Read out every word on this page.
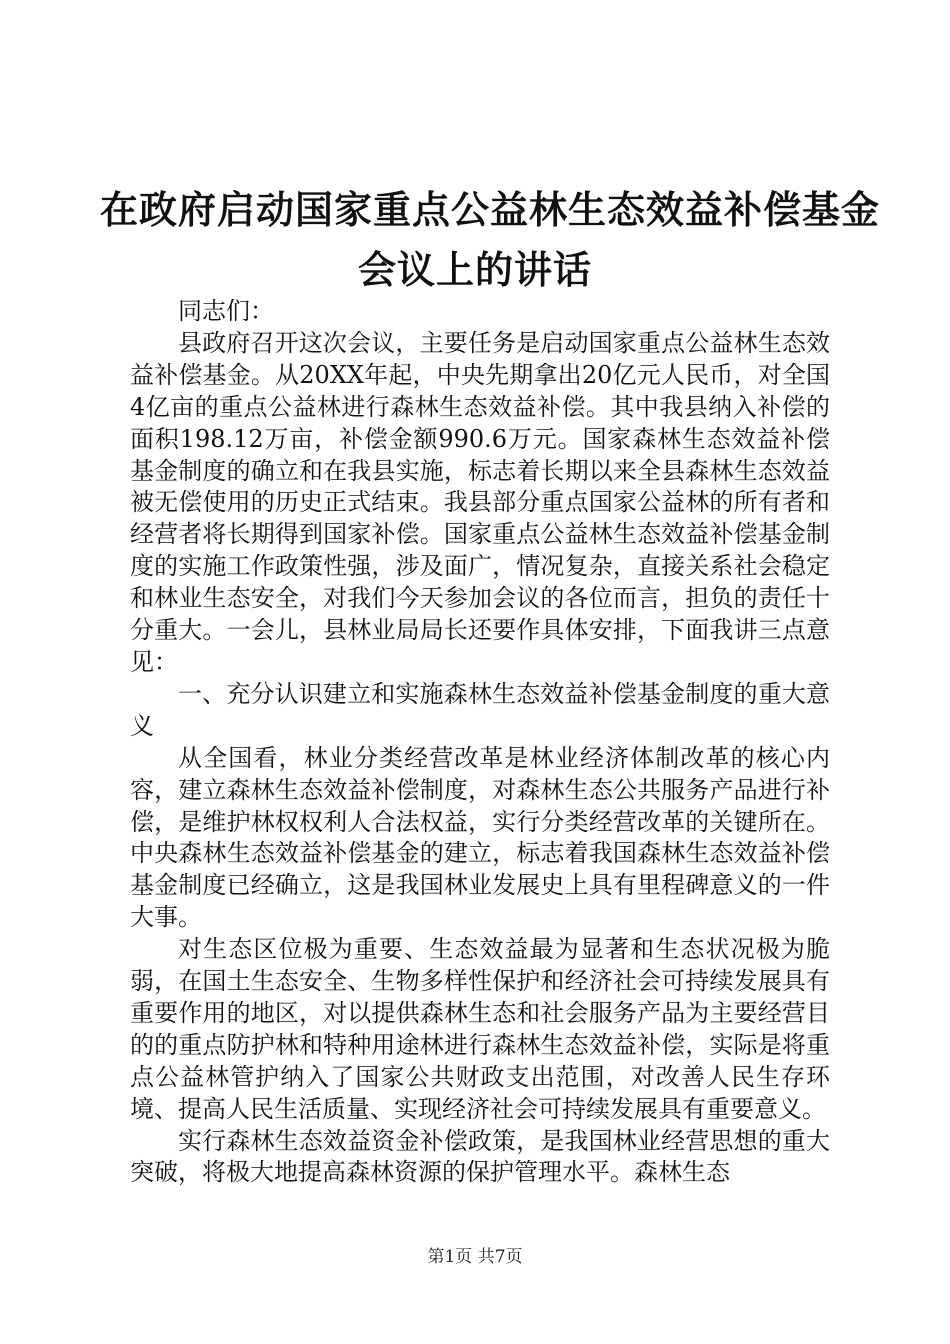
在政府启动国家重点公益林生态效益补偿基金
会议上的讲话

同志们：

县政府召开这次会议，主要任务是启动国家重点公益林生态效益补偿基金。从20XX年起，中央先期拿出20亿元人民币，对全国4亿亩的重点公益林进行森林生态效益补偿。其中我县纳入补偿的面积198.12万亩，补偿金额990.6万元。国家森林生态效益补偿基金制度的确立和在我县实施，标志着长期以来全县森林生态效益被无偿使用的历史正式结束。我县部分重点国家公益林的所有者和经营者将长期得到国家补偿。国家重点公益林生态效益补偿基金制度的实施工作政策性强，涉及面广，情况复杂，直接关系社会稳定和林业生态安全，对我们今天参加会议的各位而言，担负的责任十分重大。一会儿，县林业局局长还要作具体安排，下面我讲三点意见：

一、充分认识建立和实施森林生态效益补偿基金制度的重大意义

从全国看，林业分类经营改革是林业经济体制改革的核心内容，建立森林生态效益补偿制度，对森林生态公共服务产品进行补偿，是维护林权权利人合法权益，实行分类经营改革的关键所在。中央森林生态效益补偿基金的建立，标志着我国森林生态效益补偿基金制度已经确立，这是我国林业发展史上具有里程碑意义的一件大事。

对生态区位极为重要、生态效益最为显著和生态状况极为脆弱，在国土生态安全、生物多样性保护和经济社会可持续发展具有重要作用的地区，对以提供森林生态和社会服务产品为主要经营目的的重点防护林和特种用途林进行森林生态效益补偿，实际是将重点公益林管护纳入了国家公共财政支出范围，对改善人民生存环境、提高人民生活质量、实现经济社会可持续发展具有重要意义。

实行森林生态效益资金补偿政策，是我国林业经营思想的重大突破，将极大地提高森林资源的保护管理水平。森林生态

第1页 共7页
